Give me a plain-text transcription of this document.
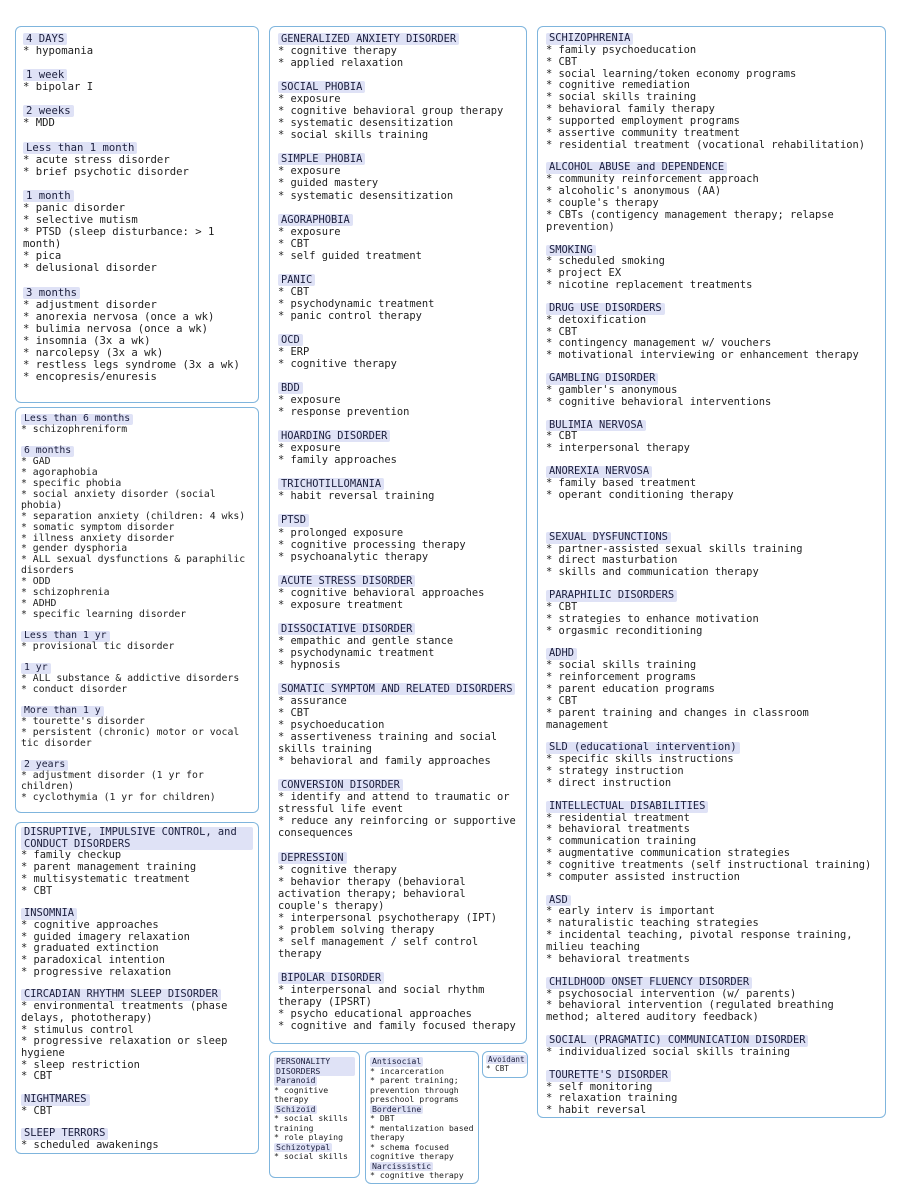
4 DAYS
* hypomania
1 week
* bipolar I
2 weeks
* MDD
Less than 1 month
* acute stress disorder
* brief psychotic disorder
1 month
* panic disorder
* selective mutism
* PTSD (sleep disturbance: > 1 month)
* pica
* delusional disorder
3 months
* adjustment disorder
* anorexia nervosa (once a wk)
* bulimia nervosa (once a wk)
* insomnia (3x a wk)
* narcolepsy (3x a wk)
* restless legs syndrome (3x a wk)
* encopresis/enuresis
Less than 6 months
* schizophreniform
6 months
* GAD
* agoraphobia
* specific phobia
* social anxiety disorder (social phobia)
* separation anxiety (children: 4 wks)
* somatic symptom disorder
* illness anxiety disorder
* gender dysphoria
* ALL sexual dysfunctions & paraphilic disorders
* ODD
* schizophrenia
* ADHD
* specific learning disorder
Less than 1 yr
* provisional tic disorder
1 yr
* ALL substance & addictive disorders
* conduct disorder
More than 1 y
* tourette's disorder
* persistent (chronic) motor or vocal tic disorder
2 years
* adjustment disorder (1 yr for children)
* cyclothymia (1 yr for children)
DISRUPTIVE, IMPULSIVE CONTROL, and CONDUCT DISORDERS
* family checkup
* parent management training
* multisystematic treatment
* CBT
INSOMNIA
* cognitive approaches
* guided imagery relaxation
* graduated extinction
* paradoxical intention
* progressive relaxation
CIRCADIAN RHYTHM SLEEP DISORDER
* environmental treatments (phase delays, phototherapy)
* stimulus control
* progressive relaxation or sleep hygiene
* sleep restriction
* CBT
NIGHTMARES
* CBT
SLEEP TERRORS
* scheduled awakenings
GENERALIZED ANXIETY DISORDER
* cognitive therapy
* applied relaxation
SOCIAL PHOBIA
* exposure
* cognitive behavioral group therapy
* systematic desensitization
* social skills training
SIMPLE PHOBIA
* exposure
* guided mastery
* systematic desensitization
AGORAPHOBIA
* exposure
* CBT
* self guided treatment
PANIC
* CBT
* psychodynamic treatment
* panic control therapy
OCD
* ERP
* cognitive therapy
BDD
* exposure
* response prevention
HOARDING DISORDER
* exposure
* family approaches
TRICHOTILLOMANIA
* habit reversal training
PTSD
* prolonged exposure
* cognitive processing therapy
* psychoanalytic therapy
ACUTE STRESS DISORDER
* cognitive behavioral approaches
* exposure treatment
DISSOCIATIVE DISORDER
* empathic and gentle stance
* psychodynamic treatment
* hypnosis
SOMATIC SYMPTOM AND RELATED DISORDERS
* assurance
* CBT
* psychoeducation
* assertiveness training and social skills training
* behavioral and family approaches
CONVERSION DISORDER
* identify and attend to traumatic or stressful life event
* reduce any reinforcing or supportive consequences
DEPRESSION
* cognitive therapy
* behavior therapy (behavioral activation therapy; behavioral couple's therapy)
* interpersonal psychotherapy (IPT)
* problem solving therapy
* self management / self control therapy
BIPOLAR DISORDER
* interpersonal and social rhythm therapy (IPSRT)
* psycho educational approaches
* cognitive and family focused therapy
SCHIZOPHRENIA
* family psychoeducation
* CBT
* social learning/token economy programs
* cognitive remediation
* social skills training
* behavioral family therapy
* supported employment programs
* assertive community treatment
* residential treatment (vocational rehabilitation)
ALCOHOL ABUSE and DEPENDENCE
* community reinforcement approach
* alcoholic's anonymous (AA)
* couple's therapy
* CBTs (contigency management therapy; relapse prevention)
SMOKING
* scheduled smoking
* project EX
* nicotine replacement treatments
DRUG USE DISORDERS
* detoxification
* CBT
* contingency management w/ vouchers
* motivational interviewing or enhancement therapy
GAMBLING DISORDER
* gambler's anonymous
* cognitive behavioral interventions
BULIMIA NERVOSA
* CBT
* interpersonal therapy
ANOREXIA NERVOSA
* family based treatment
* operant conditioning therapy
SEXUAL DYSFUNCTIONS
* partner-assisted sexual skills training
* direct masturbation
* skills and communication therapy
PARAPHILIC DISORDERS
* CBT
* strategies to enhance motivation
* orgasmic reconditioning
ADHD
* social skills training
* reinforcement programs
* parent education programs
* CBT
* parent training and changes in classroom management
SLD (educational intervention)
* specific skills instructions
* strategy instruction
* direct instruction
INTELLECTUAL DISABILITIES
* residential treatment
* behavioral treatments
* communication training
* augmentative communication strategies
* cognitive treatments (self instructional training)
* computer assisted instruction
ASD
* early interv is important
* naturalistic teaching strategies
* incidental teaching, pivotal response training, milieu teaching
* behavioral treatments
CHILDHOOD ONSET FLUENCY DISORDER
* psychosocial intervention (w/ parents)
* behavioral intervention (regulated breathing method; altered auditory feedback)
SOCIAL (PRAGMATIC) COMMUNICATION DISORDER
* individualized social skills training
TOURETTE'S DISORDER
* self monitoring
* relaxation training
* habit reversal
PERSONALITY DISORDERS
Paranoid
* cognitive therapy
Schizoid
* social skills training
* role playing
Schizotypal
* social skills
Antisocial
* incarceration
* parent training; prevention through preschool programs
Borderline
* DBT
* mentalization based therapy
* schema focused cognitive therapy
Narcissistic
* cognitive therapy
Avoidant
* CBT
